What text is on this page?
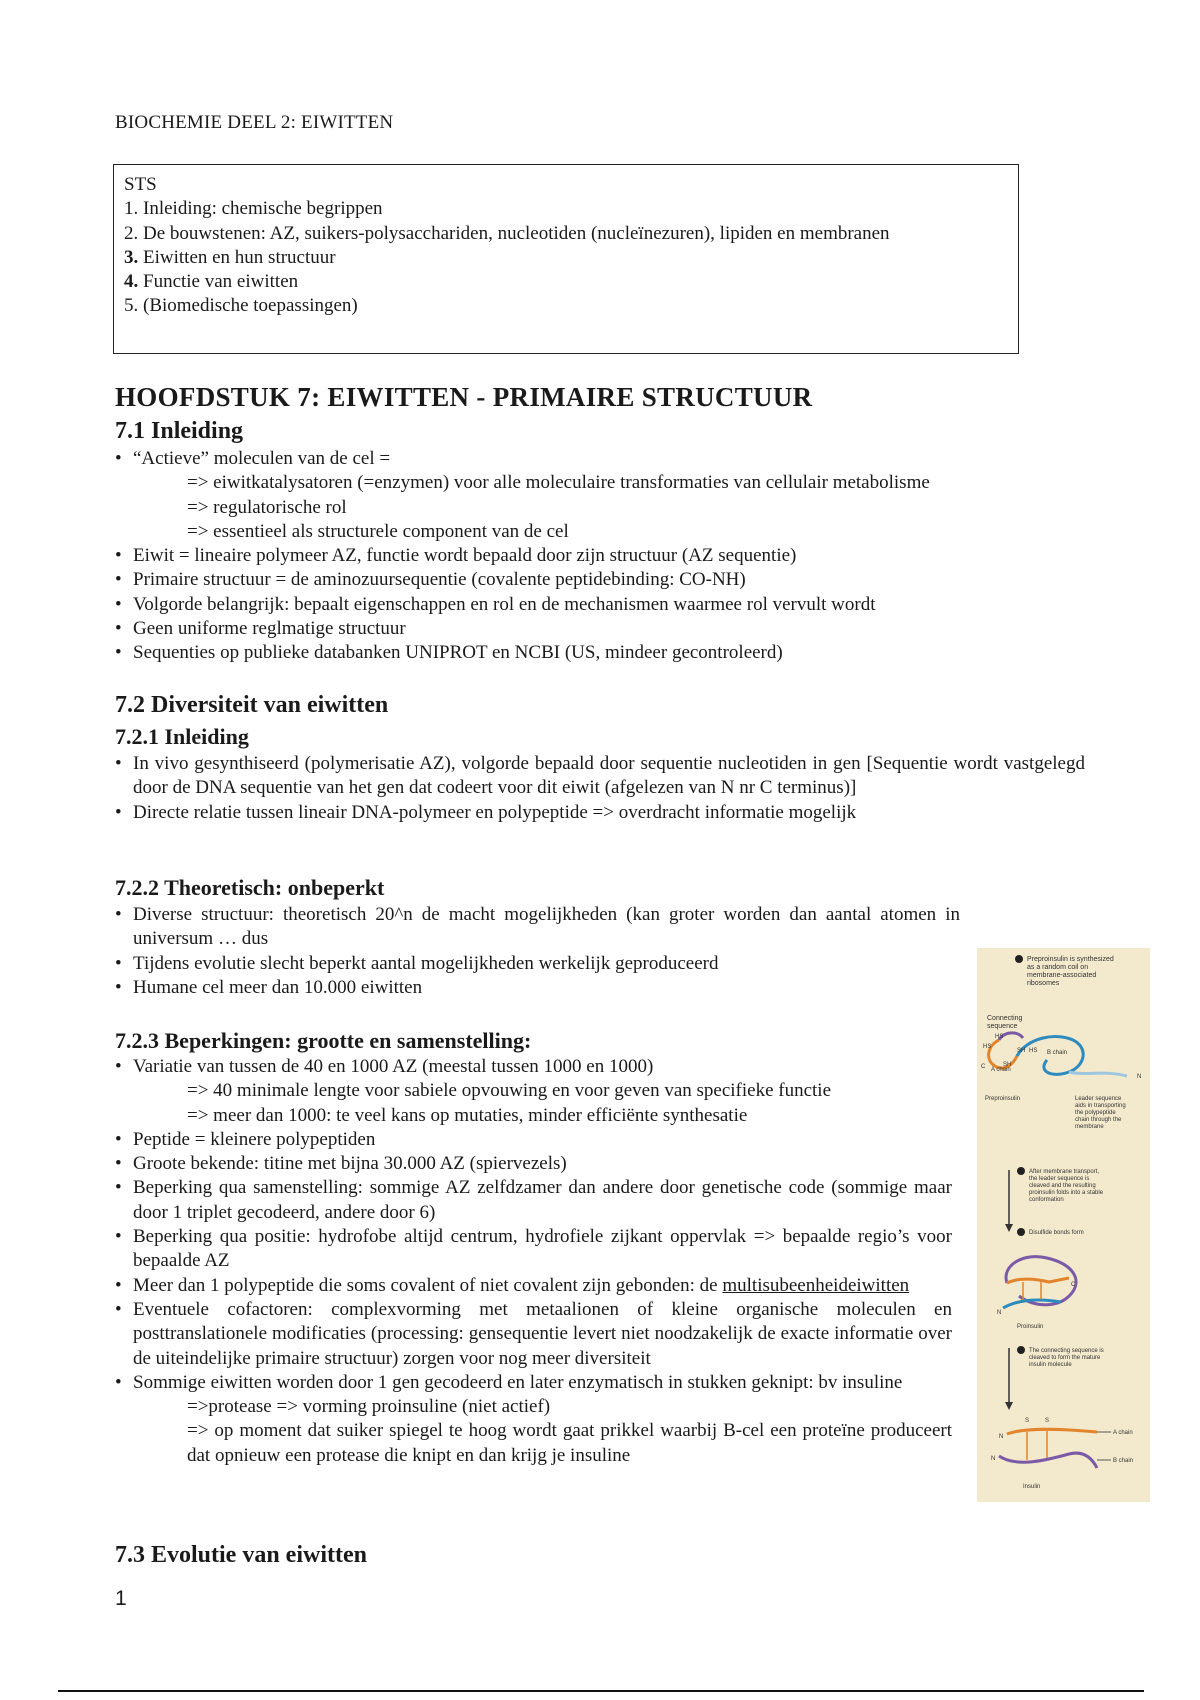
BIOCHEMIE DEEL 2: EIWITTEN
STS
1. Inleiding: chemische begrippen
2. De bouwstenen: AZ, suikers-polysacchariden, nucleotiden (nucleïnezuren), lipiden en membranen
3. Eiwitten en hun structuur
4. Functie van eiwitten
5. (Biomedische toepassingen)
HOOFDSTUK 7: EIWITTEN - PRIMAIRE STRUCTUUR
7.1 Inleiding
• “Actieve” moleculen van de cel =
=> eiwitkatalysatoren (=enzymen) voor alle moleculaire transformaties van cellulair metabolisme
=> regulatorische rol
=> essentieel als structurele component van de cel
• Eiwit = lineaire polymeer AZ, functie wordt bepaald door zijn structuur (AZ sequentie)
• Primaire structuur = de aminozuursequentie (covalente peptidebinding: CO-NH)
• Volgorde belangrijk: bepaalt eigenschappen en rol en de mechanismen waarmee rol vervult wordt
• Geen uniforme reglmatige structuur
• Sequenties op publieke databanken UNIPROT en NCBI (US, mindeer gecontroleerd)
7.2 Diversiteit van eiwitten
7.2.1 Inleiding
• In vivo gesynthiseerd (polymerisatie AZ), volgorde bepaald door sequentie nucleotiden in gen [Sequentie wordt vastgelegd door de DNA sequentie van het gen dat codeert voor dit eiwit (afgelezen van N nr C terminus)]
• Directe relatie tussen lineair DNA-polymeer en polypeptide => overdracht informatie mogelijk
7.2.2 Theoretisch: onbeperkt
• Diverse structuur: theoretisch 20^n de macht mogelijkheden (kan groter worden dan aantal atomen in universum … dus
• Tijdens evolutie slecht beperkt aantal mogelijkheden werkelijk geproduceerd
• Humane cel meer dan 10.000 eiwitten
7.2.3 Beperkingen: grootte en samenstelling:
• Variatie van tussen de 40 en 1000 AZ (meestal tussen 1000 en 1000)
=> 40 minimale lengte voor sabiele opvouwing en voor geven van specifieke functie
=> meer dan 1000: te veel kans op mutaties, minder efficiënte synthesatie
• Peptide = kleinere polypeptiden
• Groote bekende: titine met bijna 30.000 AZ (spiervezels)
• Beperking qua samenstelling: sommige AZ zelfdzamer dan andere door genetische code (sommige maar door 1 triplet gecodeerd, andere door 6)
• Beperking qua positie: hydrofobe altijd centrum, hydrofiele zijkant oppervlak => bepaalde regio’s voor bepaalde AZ
• Meer dan 1 polypeptide die soms covalent of niet covalent zijn gebonden: de multisubeenheideiwitten
• Eventuele cofactoren: complexvorming met metaalionen of kleine organische moleculen en posttranslationele modificaties (processing: gensequentie levert niet noodzakelijk de exacte informatie over de uiteindelijke primaire structuur) zorgen voor nog meer diversiteit
• Sommige eiwitten worden door 1 gen gecodeerd en later enzymatisch in stukken geknipt: bv insuline
=>protease => vorming proinsuline (niet actief)
=> op moment dat suiker spiegel te hoog wordt gaat prikkel waarbij B-cel een proteïne produceert dat opnieuw een protease die knipt en dan krijg je insuline
7.3 Evolutie van eiwitten
1
Preproinsulin is synthesized as a random coil on membrane-associated ribosomes
Connecting sequence
HS
HS
SH HS
SH
B chain
A chain
C
N
Preproinsulin	Leader sequence aids in transporting the polypeptide chain through the membrane
After membrane transport, the leader sequence is cleaved and the resulting proinsulin folds into a stable conformation
Disulfide bonds form
C
N
Proinsulin
The connecting sequence is cleaved to form the mature insulin molecule
S	S
N
N
A chain
B chain
Insulin
